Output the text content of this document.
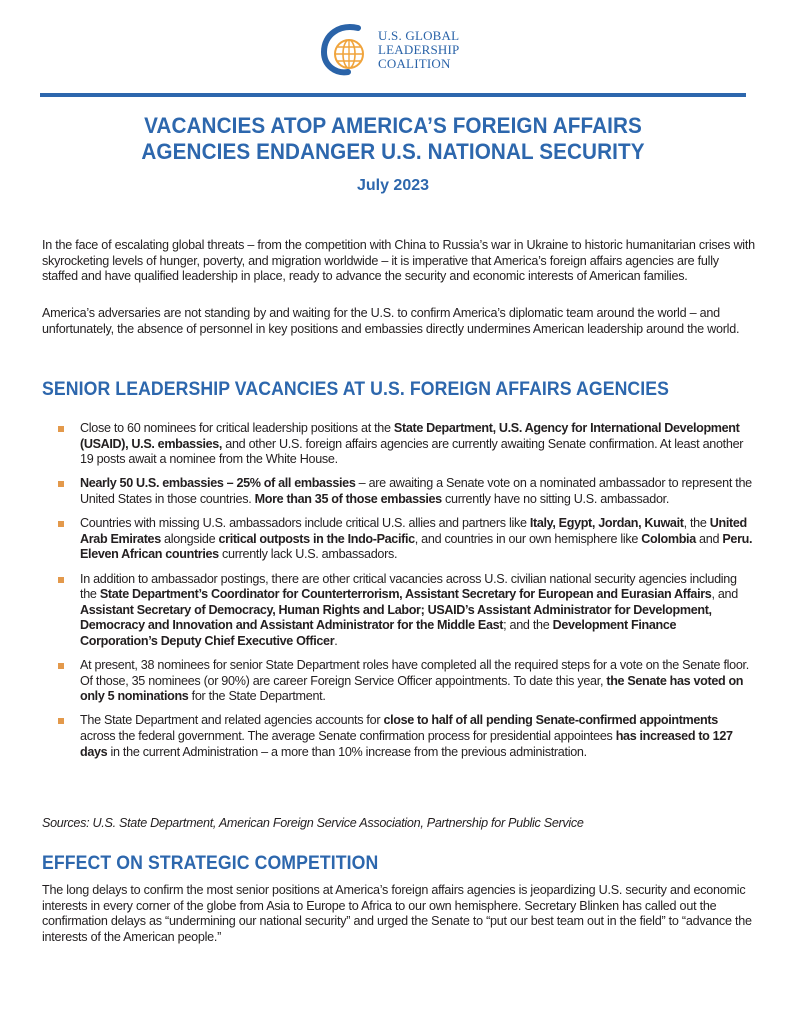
U.S. GLOBAL
LEADERSHIP
COALITION
VACANCIES ATOP AMERICA’S FOREIGN AFFAIRS
AGENCIES ENDANGER U.S. NATIONAL SECURITY
July 2023
In the face of escalating global threats – from the competition with China to Russia’s war in Ukraine to historic humanitarian crises with skyrocketing levels of hunger, poverty, and migration worldwide – it is imperative that America’s foreign affairs agencies are fully staffed and have qualified leadership in place, ready to advance the security and economic interests of American families.
America’s adversaries are not standing by and waiting for the U.S. to confirm America’s diplomatic team around the world – and unfortunately, the absence of personnel in key positions and embassies directly undermines American leadership around the world.
SENIOR LEADERSHIP VACANCIES AT U.S. FOREIGN AFFAIRS AGENCIES
Close to 60 nominees for critical leadership positions at the State Department, U.S. Agency for International Development (USAID), U.S. embassies, and other U.S. foreign affairs agencies are currently awaiting Senate confirmation. At least another 19 posts await a nominee from the White House.
Nearly 50 U.S. embassies – 25% of all embassies – are awaiting a Senate vote on a nominated ambassador to represent the United States in those countries. More than 35 of those embassies currently have no sitting U.S. ambassador.
Countries with missing U.S. ambassadors include critical U.S. allies and partners like Italy, Egypt, Jordan, Kuwait, the United Arab Emirates alongside critical outposts in the Indo-Pacific, and countries in our own hemisphere like Colombia and Peru. Eleven African countries currently lack U.S. ambassadors.
In addition to ambassador postings, there are other critical vacancies across U.S. civilian national security agencies including the State Department’s Coordinator for Counterterrorism, Assistant Secretary for European and Eurasian Affairs, and Assistant Secretary of Democracy, Human Rights and Labor; USAID’s Assistant Administrator for Development, Democracy and Innovation and Assistant Administrator for the Middle East; and the Development Finance Corporation’s Deputy Chief Executive Officer.
At present, 38 nominees for senior State Department roles have completed all the required steps for a vote on the Senate floor. Of those, 35 nominees (or 90%) are career Foreign Service Officer appointments. To date this year, the Senate has voted on only 5 nominations for the State Department.
The State Department and related agencies accounts for close to half of all pending Senate-confirmed appointments across the federal government. The average Senate confirmation process for presidential appointees has increased to 127 days in the current Administration – a more than 10% increase from the previous administration.
Sources: U.S. State Department, American Foreign Service Association, Partnership for Public Service
EFFECT ON STRATEGIC COMPETITION
The long delays to confirm the most senior positions at America’s foreign affairs agencies is jeopardizing U.S. security and economic interests in every corner of the globe from Asia to Europe to Africa to our own hemisphere. Secretary Blinken has called out the confirmation delays as “undermining our national security” and urged the Senate to “put our best team out in the field” to “advance the interests of the American people.”
